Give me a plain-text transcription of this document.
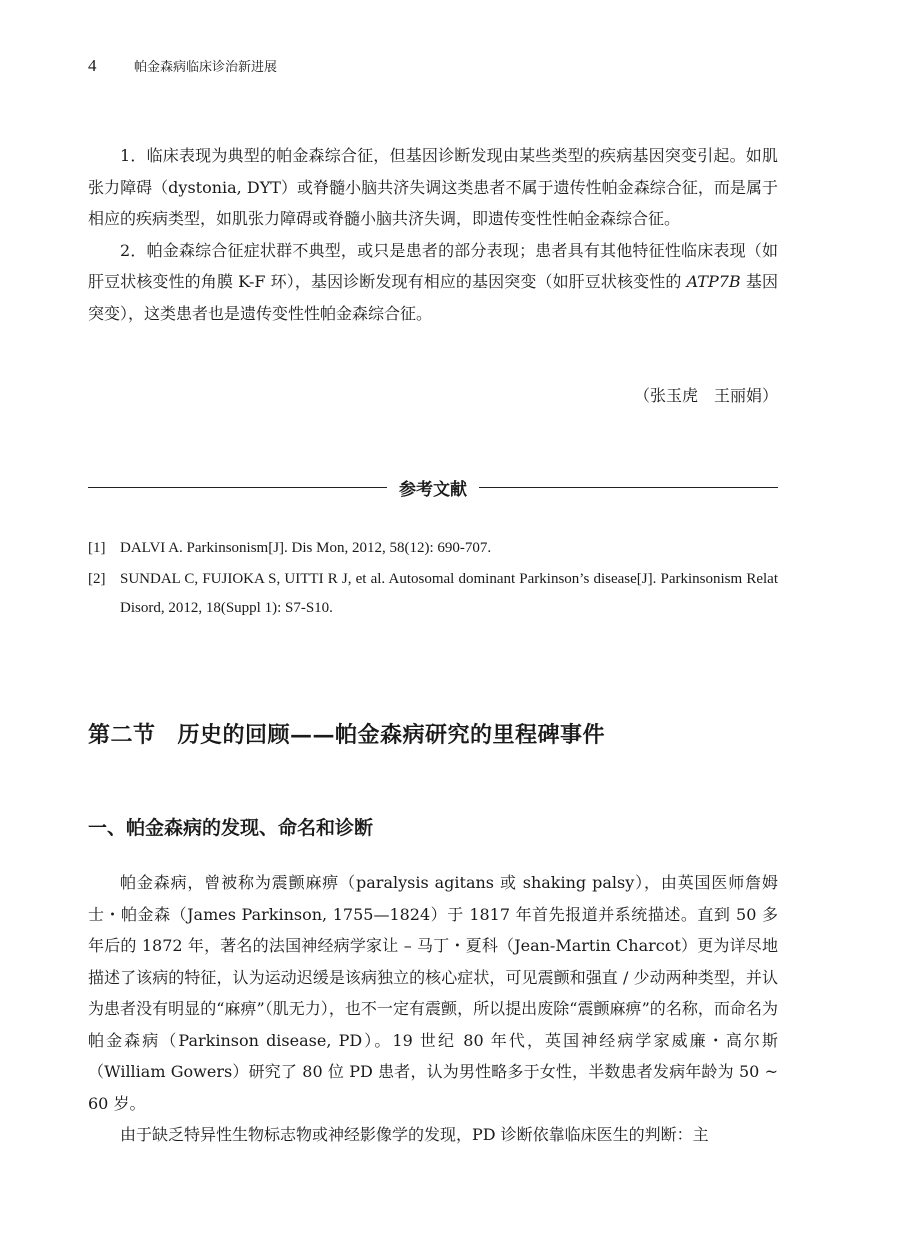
4	帕金森病临床诊治新进展

1．临床表现为典型的帕金森综合征，但基因诊断发现由某些类型的疾病基因突变引起。如肌张力障碍（dystonia, DYT）或脊髓小脑共济失调这类患者不属于遗传性帕金森综合征，而是属于相应的疾病类型，如肌张力障碍或脊髓小脑共济失调，即遗传变性性帕金森综合征。

2．帕金森综合征症状群不典型，或只是患者的部分表现；患者具有其他特征性临床表现（如肝豆状核变性的角膜 K-F 环），基因诊断发现有相应的基因突变（如肝豆状核变性的 ATP7B 基因突变），这类患者也是遗传变性性帕金森综合征。

（张玉虎　王丽娟）
参考文献
[1] DALVI A. Parkinsonism[J]. Dis Mon, 2012, 58(12): 690-707.
[2] SUNDAL C, FUJIOKA S, UITTI R J, et al. Autosomal dominant Parkinson’s disease[J]. Parkinsonism Relat Disord, 2012, 18(Suppl 1): S7-S10.
第二节 历史的回顾——帕金森病研究的里程碑事件
一、帕金森病的发现、命名和诊断

帕金森病，曾被称为震颤麻痹（paralysis agitans 或 shaking palsy），由英国医师詹姆士・帕金森（James Parkinson, 1755—1824）于 1817 年首先报道并系统描述。直到 50 多年后的 1872 年，著名的法国神经病学家让 – 马丁・夏科（Jean-Martin Charcot）更为详尽地描述了该病的特征，认为运动迟缓是该病独立的核心症状，可见震颤和强直 / 少动两种类型，并认为患者没有明显的“麻痹”（肌无力），也不一定有震颤，所以提出废除“震颤麻痹”的名称，而命名为帕金森病（Parkinson disease, PD）。19 世纪 80 年代，英国神经病学家威廉・高尔斯（William Gowers）研究了 80 位 PD 患者，认为男性略多于女性，半数患者发病年龄为 50 ~ 60 岁。

由于缺乏特异性生物标志物或神经影像学的发现，PD 诊断依靠临床医生的判断：主
